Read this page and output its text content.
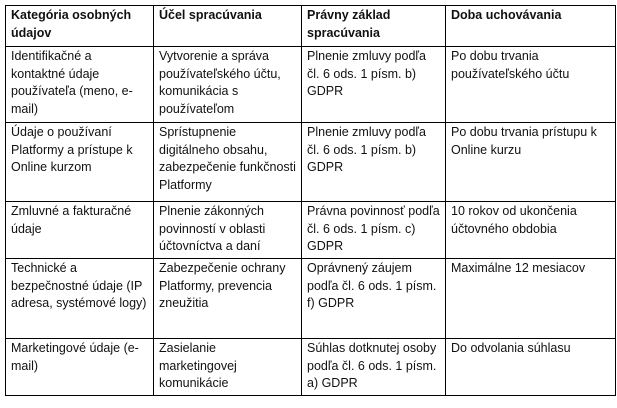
Kategória osobných údajov	Účel spracúvania	Právny základ spracúvania	Doba uchovávania
Identifikačné a kontaktné údaje používateľa (meno, e-mail)	Vytvorenie a správa používateľského účtu, komunikácia s používateľom	Plnenie zmluvy podľa čl. 6 ods. 1 písm. b) GDPR	Po dobu trvania používateľského účtu
Údaje o používaní Platformy a prístupe k Online kurzom	Sprístupnenie digitálneho obsahu, zabezpečenie funkčnosti Platformy	Plnenie zmluvy podľa čl. 6 ods. 1 písm. b) GDPR	Po dobu trvania prístupu k Online kurzu
Zmluvné a fakturačné údaje	Plnenie zákonných povinností v oblasti účtovníctva a daní	Právna povinnosť podľa čl. 6 ods. 1 písm. c) GDPR	10 rokov od ukončenia účtovného obdobia
Technické a bezpečnostné údaje (IP adresa, systémové logy)	Zabezpečenie ochrany Platformy, prevencia zneužitia	Oprávnený záujem podľa čl. 6 ods. 1 písm. f) GDPR	Maximálne 12 mesiacov
Marketingové údaje (e-mail)	Zasielanie marketingovej komunikácie	Súhlas dotknutej osoby podľa čl. 6 ods. 1 písm. a) GDPR	Do odvolania súhlasu
